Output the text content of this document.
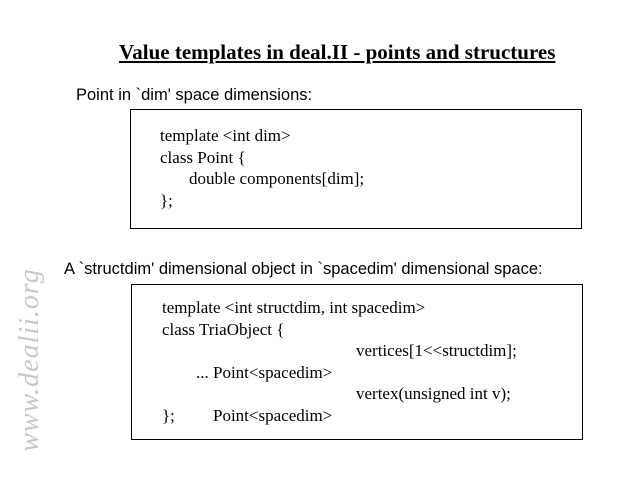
Value templates in deal.II - points and structures
Point in `dim' space dimensions:
template <int dim>
class Point {
double components[dim];
};
A `structdim' dimensional object in `spacedim' dimensional space:
template <int structdim, int spacedim>
class TriaObject {

Point<spacedim>

vertices[1<<structdim];

...

Point<spacedim>

vertex(unsigned int v);

};
www.dealii.org
